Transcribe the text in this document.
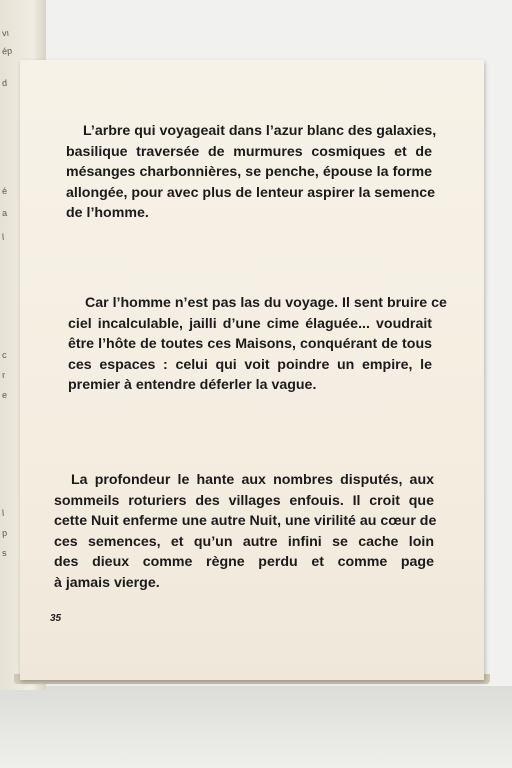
vı
ép
d
é
a
l
c
r
e
l
p
s

L’arbre qui voyageait dans l’azur blanc des galaxies,
basilique traversée de murmures cosmiques et de
mésanges charbonnières, se penche, épouse la forme
allongée, pour avec plus de lenteur aspirer la semence
de l’homme.

Car l’homme n’est pas las du voyage. Il sent bruire ce
ciel incalculable, jailli d’une cime élaguée... voudrait
être l’hôte de toutes ces Maisons, conquérant de tous
ces espaces : celui qui voit poindre un empire, le
premier à entendre déferler la vague.

La profondeur le hante aux nombres disputés, aux
sommeils roturiers des villages enfouis. Il croit que
cette Nuit enferme une autre Nuit, une virilité au cœur de
ces semences, et qu’un autre infini se cache loin
des dieux comme règne perdu et comme page
à jamais vierge.

35
